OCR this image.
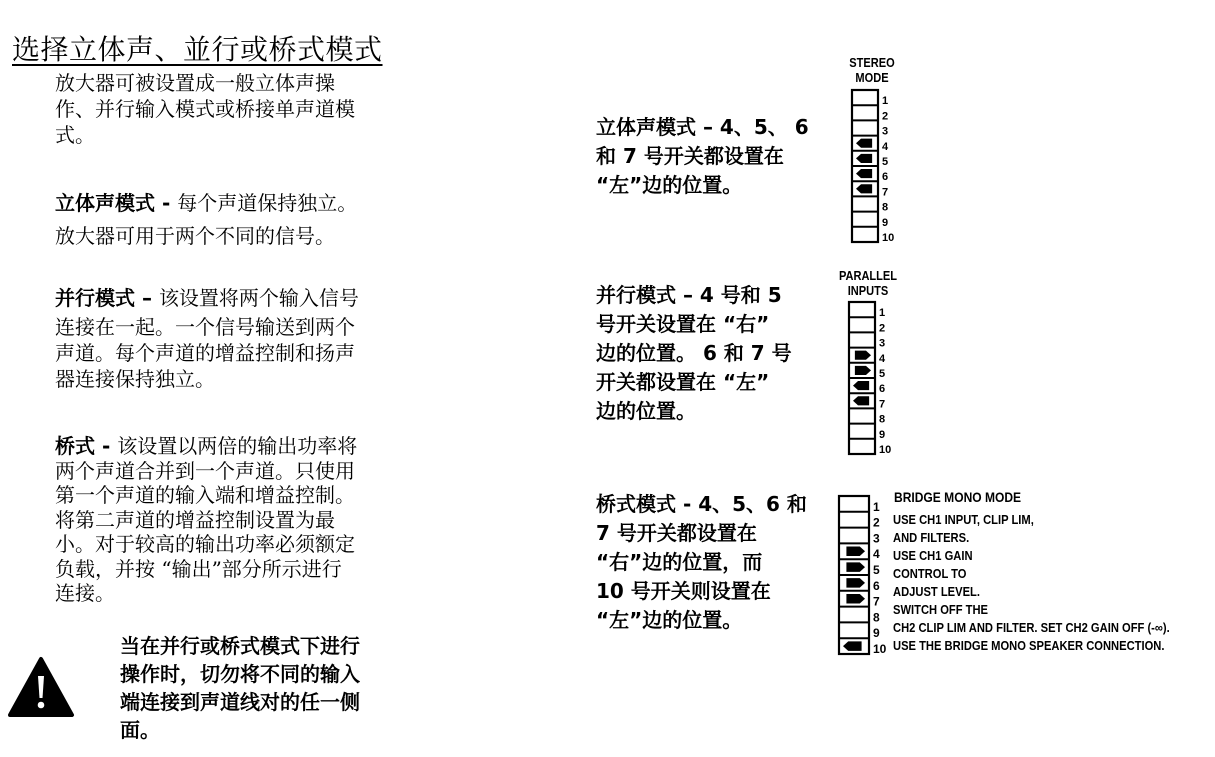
选择立体声、並行或桥式模式
放大器可被设置成一般立体声操
作、并行输入模式或桥接单声道模
式。
立体声模式 - 每个声道保持独立。
放大器可用于两个不同的信号。
并行模式 – 该设置将两个输入信号
连接在一起。一个信号输送到两个
声道。每个声道的增益控制和扬声
器连接保持独立。
桥式 - 该设置以两倍的输出功率将
两个声道合并到一个声道。只使用
第一个声道的输入端和增益控制。
将第二声道的增益控制设置为最
小。对于较高的输出功率必须额定
负载，并按 “输出”部分所示进行
连接。
当在并行或桥式模式下进行
操作时，切勿将不同的输入
端连接到声道线对的任一侧
面。
立体声模式 – 4、5、 6
和 7 号开关都设置在
“左”边的位置。
并行模式 – 4 号和 5
号开关设置在 “右”
边的位置。 6 和 7 号
开关都设置在 “左”
边的位置。
桥式模式 - 4、5、6 和
7 号开关都设置在
“右”边的位置，而
10 号开关则设置在
“左”边的位置。
STEREO
MODE
1
2
3
4
5
6
7
8
9
10
PARALLEL
INPUTS
1
2
3
4
5
6
7
8
9
10
1
2
3
4
5
6
7
8
9
10
BRIDGE MONO MODE
USE CH1 INPUT, CLIP LIM,
AND FILTERS.
USE CH1 GAIN
CONTROL TO
ADJUST LEVEL.
SWITCH OFF THE
CH2 CLIP LIM AND FILTER. SET CH2 GAIN OFF (-∞).
USE THE BRIDGE MONO SPEAKER CONNECTION.
